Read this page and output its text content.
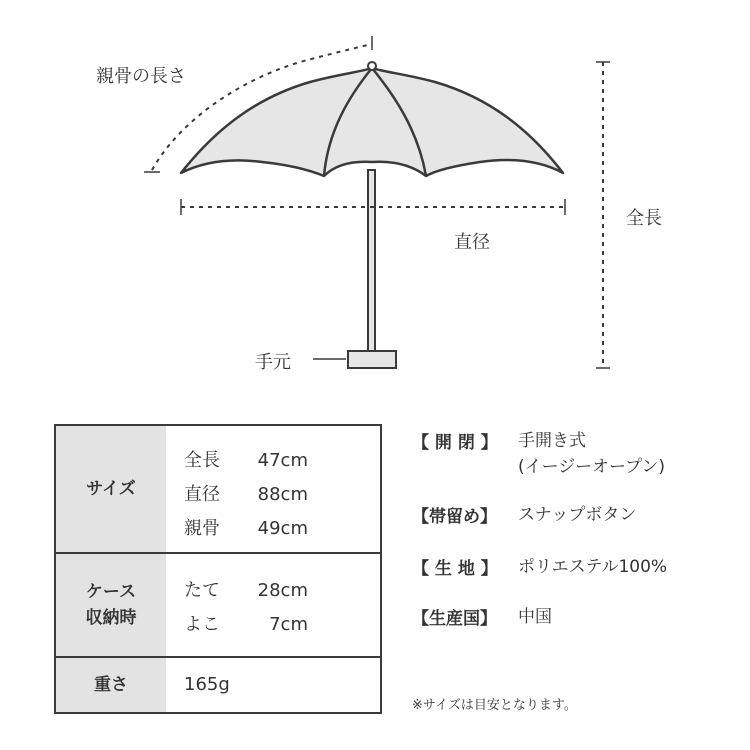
親骨の長さ
全長
直径
手元
サイズ
全長 47cm
直径 88cm
親骨 49cm
ケース
収納時
たて 28cm
よこ	7cm
重さ	165g
【 開 閉 】 手開き式
(イージーオープン)
【帯留め】 スナップボタン
【 生 地 】 ポリエステル100%
【生産国】 中国
※サイズは目安となります。
